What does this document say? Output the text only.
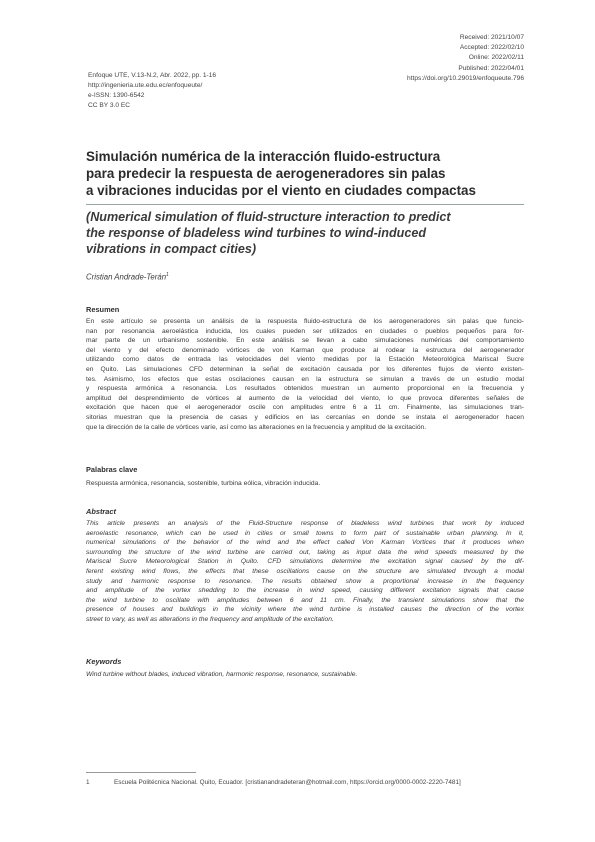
Enfoque UTE, V.13-N.2, Abr. 2022, pp. 1-16
http://ingenieria.ute.edu.ec/enfoqueute/
e-ISSN: 1390-6542
CC BY 3.0 EC
Received: 2021/10/07
Accepted: 2022/02/10
Online: 2022/02/11
Published: 2022/04/01
https://doi.org/10.29019/enfoqueute.796
Simulación numérica de la interacción fluido-estructura
para predecir la respuesta de aerogeneradores sin palas
a vibraciones inducidas por el viento en ciudades compactas
(Numerical simulation of fluid-structure interaction to predict
the response of bladeless wind turbines to wind-induced
vibrations in compact cities)
Cristian Andrade-Terán$^1$
Resumen
En este artículo se presenta un análisis de la respuesta fluido-estructura de los aerogeneradores sin palas que funcio-
nan por resonancia aeroelástica inducida, los cuales pueden ser utilizados en ciudades o pueblos pequeños para for-
mar parte de un urbanismo sostenible. En este análisis se llevan a cabo simulaciones numéricas del comportamiento
del viento y del efecto denominado vórtices de von Karman que produce al rodear la estructura del aerogenerador
utilizando como datos de entrada las velocidades del viento medidas por la Estación Meteorológica Mariscal Sucre
en Quito. Las simulaciones CFD determinan la señal de excitación causada por los diferentes flujos de viento existen-
tes. Asimismo, los efectos que estas oscilaciones causan en la estructura se simulan a través de un estudio modal
y respuesta armónica a resonancia. Los resultados obtenidos muestran un aumento proporcional en la frecuencia y
amplitud del desprendimiento de vórtices al aumento de la velocidad del viento, lo que provoca diferentes señales de
excitación que hacen que el aerogenerador oscile con amplitudes entre 6 a 11 cm. Finalmente, las simulaciones tran-
sitorias muestran que la presencia de casas y edificios en las cercanías en donde se instala el aerogenerador hacen
que la dirección de la calle de vórtices varíe, así como las alteraciones en la frecuencia y amplitud de la excitación.
Palabras clave
Respuesta armónica, resonancia, sostenible, turbina eólica, vibración inducida.
Abstract
This article presents an analysis of the Fluid-Structure response of bladeless wind turbines that work by induced
aeroelastic resonance, which can be used in cities or small towns to form part of sustainable urban planning. In it,
numerical simulations of the behavior of the wind and the effect called Von Karman Vortices that it produces when
surrounding the structure of the wind turbine are carried out, taking as input data the wind speeds measured by the
Mariscal Sucre Meteorological Station in Quito. CFD simulations determine the excitation signal caused by the dif-
ferent existing wind flows, the effects that these oscillations cause on the structure are simulated through a modal
study and harmonic response to resonance. The results obtained show a proportional increase in the frequency
and amplitude of the vortex shedding to the increase in wind speed, causing different excitation signals that cause
the wind turbine to oscillate with amplitudes between 6 and 11 cm. Finally, the transient simulations show that the
presence of houses and buildings in the vicinity where the wind turbine is installed causes the direction of the vortex
street to vary, as well as alterations in the frequency and amplitude of the excitation.
Keywords
Wind turbine without blades, induced vibration, harmonic response, resonance, sustainable.
1	Escuela Politécnica Nacional. Quito, Ecuador. [cristianandradeteran@hotmail.com, https://orcid.org/0000-0002-2220-7481]
